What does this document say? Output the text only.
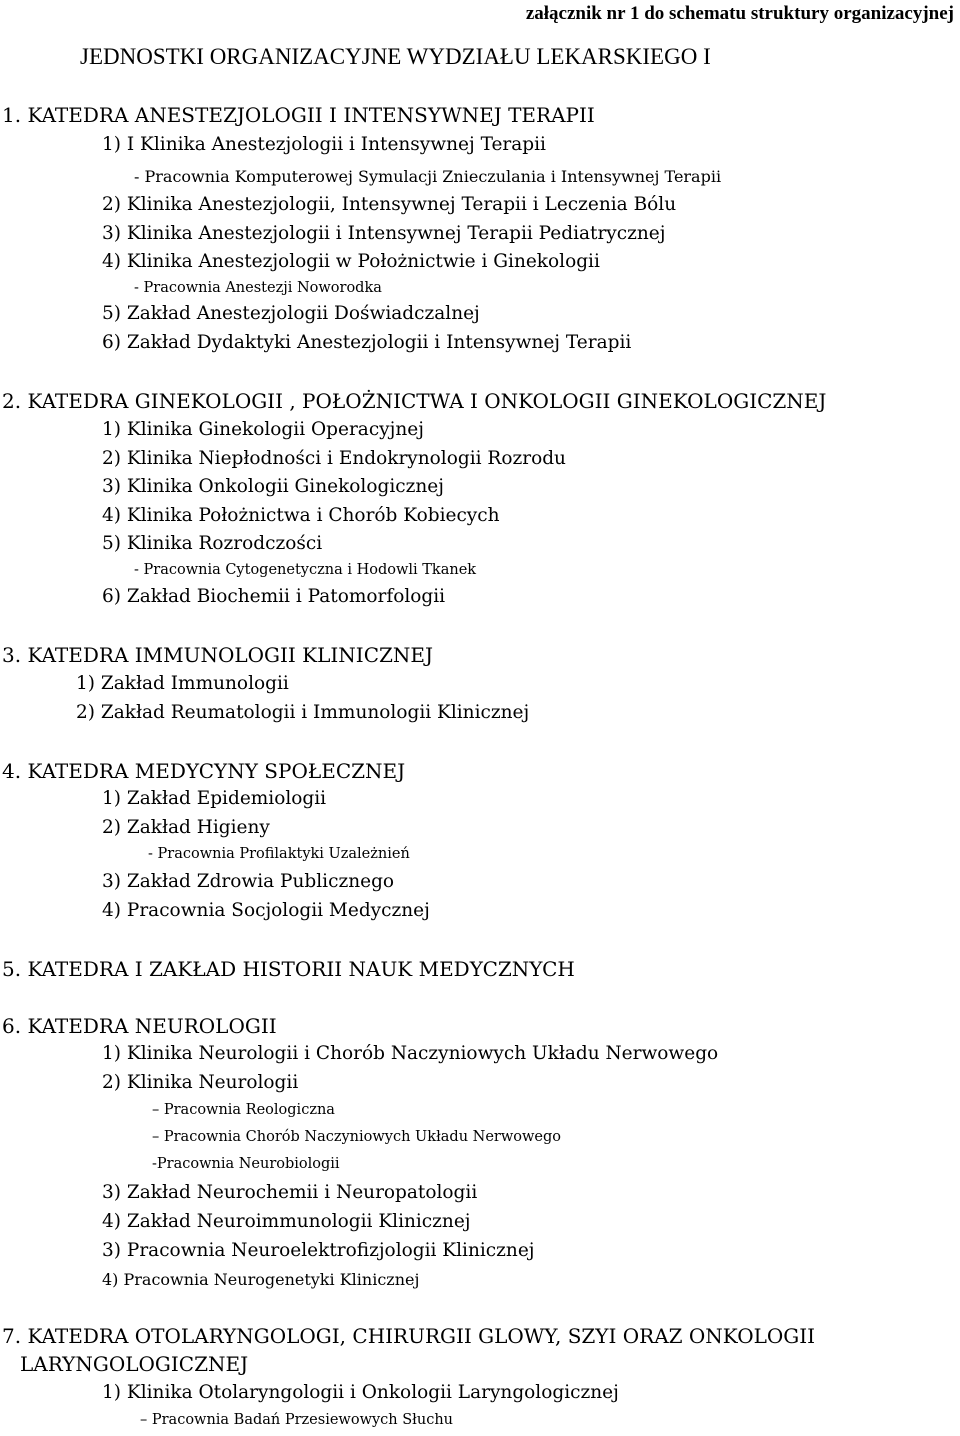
załącznik nr 1 do schematu struktury organizacyjnej
JEDNOSTKI ORGANIZACYJNE WYDZIAŁU LEKARSKIEGO I
1. KATEDRA ANESTEZJOLOGII I INTENSYWNEJ TERAPII
1) I Klinika Anestezjologii i Intensywnej Terapii
- Pracownia Komputerowej Symulacji Znieczulania i Intensywnej Terapii
2) Klinika Anestezjologii, Intensywnej Terapii i Leczenia Bólu
3) Klinika Anestezjologii i Intensywnej Terapii Pediatrycznej
4) Klinika Anestezjologii w Położnictwie i Ginekologii
- Pracownia Anestezji Noworodka
5) Zakład Anestezjologii Doświadczalnej
6) Zakład Dydaktyki Anestezjologii i Intensywnej Terapii
2. KATEDRA GINEKOLOGII , POŁOŻNICTWA I ONKOLOGII GINEKOLOGICZNEJ
1) Klinika Ginekologii Operacyjnej
2) Klinika Niepłodności i Endokrynologii Rozrodu
3) Klinika Onkologii Ginekologicznej
4) Klinika Położnictwa i Chorób Kobiecych
5) Klinika Rozrodczości
- Pracownia Cytogenetyczna i Hodowli Tkanek
6) Zakład Biochemii i Patomorfologii
3. KATEDRA IMMUNOLOGII KLINICZNEJ
1) Zakład Immunologii
2) Zakład Reumatologii i Immunologii Klinicznej
4. KATEDRA MEDYCYNY SPOŁECZNEJ
1) Zakład Epidemiologii
2) Zakład Higieny
- Pracownia Profilaktyki Uzależnień
3) Zakład Zdrowia Publicznego
4) Pracownia Socjologii Medycznej
5. KATEDRA I ZAKŁAD HISTORII NAUK MEDYCZNYCH
6. KATEDRA NEUROLOGII
1) Klinika Neurologii i Chorób Naczyniowych Układu Nerwowego
2) Klinika Neurologii
– Pracownia Reologiczna
– Pracownia Chorób Naczyniowych Układu Nerwowego
-Pracownia Neurobiologii
3) Zakład Neurochemii i Neuropatologii
4) Zakład Neuroimmunologii Klinicznej
3) Pracownia Neuroelektrofizjologii Klinicznej
4) Pracownia Neurogenetyki Klinicznej
7. KATEDRA OTOLARYNGOLOGI, CHIRURGII GLOWY, SZYI ORAZ ONKOLOGII
LARYNGOLOGICZNEJ
1) Klinika Otolaryngologii i Onkologii Laryngologicznej
– Pracownia Badań Przesiewowych Słuchu
